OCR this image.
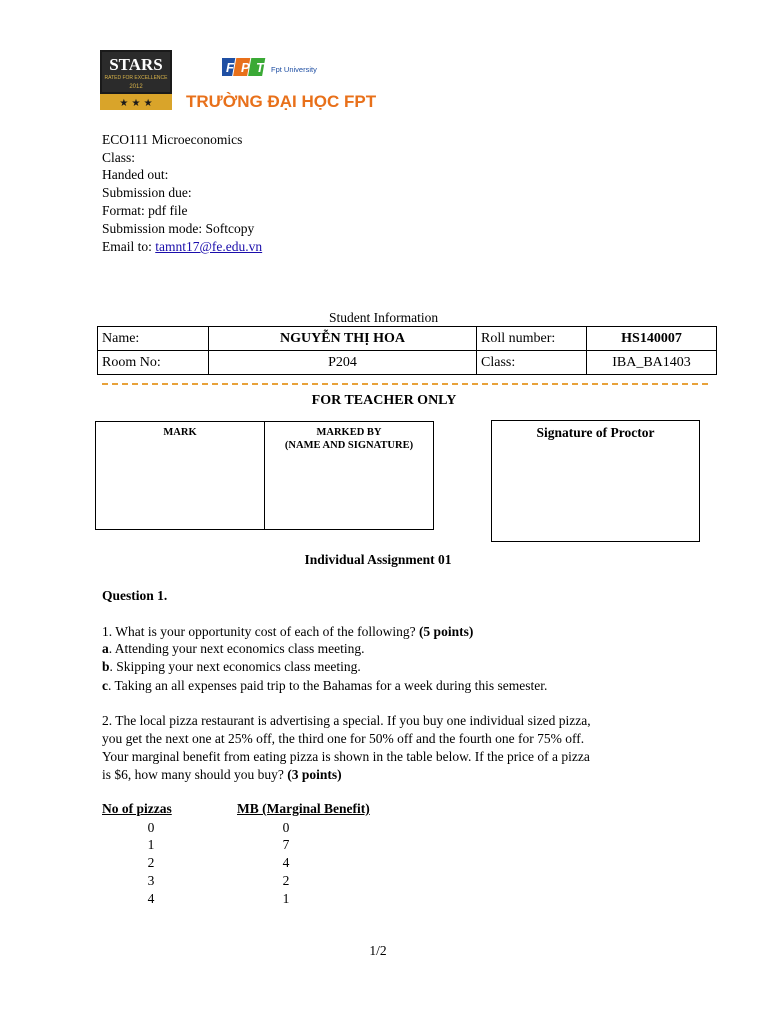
STARS
RATED FOR EXCELLENCE
2012
★ ★ ★
F P T Fpt University
TRƯỜNG ĐẠI HỌC FPT
ECO111 Microeconomics
Class:
Handed out:
Submission due:
Format: pdf file
Submission mode: Softcopy
Email to: tamnt17@fe.edu.vn
Student Information
Name:	NGUYỄN THỊ HOA	Roll number:	HS140007
Room No:	P204	Class:	IBA_BA1403
FOR TEACHER ONLY
MARK	MARKED BY
(NAME AND SIGNATURE)
Signature of Proctor
Individual Assignment 01
Question 1.
1. What is your opportunity cost of each of the following? (5 points)
a. Attending your next economics class meeting.
b. Skipping your next economics class meeting.
c. Taking an all expenses paid trip to the Bahamas for a week during this semester.
2. The local pizza restaurant is advertising a special. If you buy one individual sized pizza,
you get the next one at 25% off, the third one for 50% off and the fourth one for 75% off.
Your marginal benefit from eating pizza is shown in the table below. If the price of a pizza
is $6, how many should you buy? (3 points)
No of pizzas	MB (Marginal Benefit)
0	0
1	7
2	4
3	2
4	1
1/2
